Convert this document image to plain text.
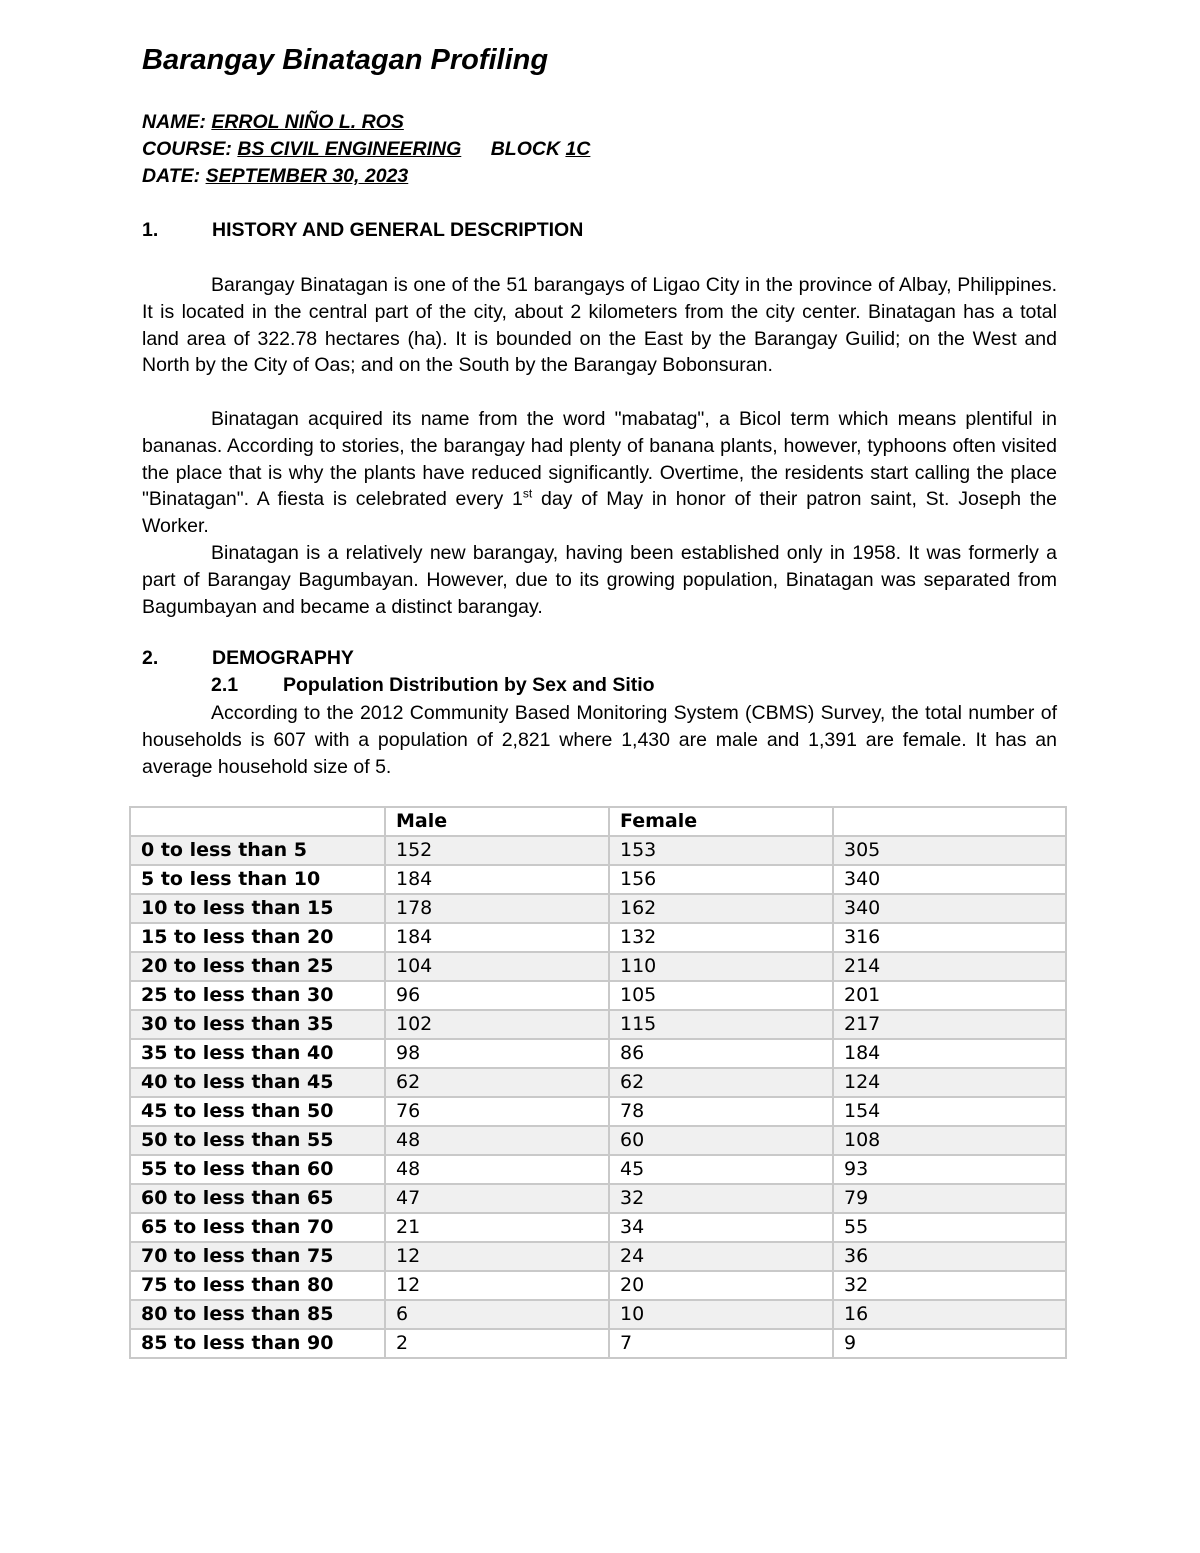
Barangay Binatagan Profiling
NAME: ERROL NIÑO L. ROS
COURSE: BS CIVIL ENGINEERING BLOCK 1C
DATE: SEPTEMBER 30, 2023
1.	HISTORY AND GENERAL DESCRIPTION

Barangay Binatagan is one of the 51 barangays of Ligao City in the province of Albay, Philippines. It is located in the central part of the city, about 2 kilometers from the city center. Binatagan has a total land area of 322.78 hectares (ha). It is bounded on the East by the Barangay Guilid; on the West and North by the City of Oas; and on the South by the Barangay Bobonsuran.

Binatagan acquired its name from the word "mabatag", a Bicol term which means plentiful in bananas. According to stories, the barangay had plenty of banana plants, however, typhoons often visited the place that is why the plants have reduced significantly. Overtime, the residents start calling the place "Binatagan". A fiesta is celebrated every 1st day of May in honor of their patron saint, St. Joseph the Worker.

Binatagan is a relatively new barangay, having been established only in 1958. It was formerly a part of Barangay Bagumbayan. However, due to its growing population, Binatagan was separated from Bagumbayan and became a distinct barangay.

2.	DEMOGRAPHY
2.1 Population Distribution by Sex and Sitio

According to the 2012 Community Based Monitoring System (CBMS) Survey, the total number of households is 607 with a population of 2,821 where 1,430 are male and 1,391 are female. It has an average household size of 5.

	Male	Female	
0 to less than 5	152	153	305
5 to less than 10	184	156	340
10 to less than 15	178	162	340
15 to less than 20	184	132	316
20 to less than 25	104	110	214
25 to less than 30	96	105	201
30 to less than 35	102	115	217
35 to less than 40	98	86	184
40 to less than 45	62	62	124
45 to less than 50	76	78	154
50 to less than 55	48	60	108
55 to less than 60	48	45	93
60 to less than 65	47	32	79
65 to less than 70	21	34	55
70 to less than 75	12	24	36
75 to less than 80	12	20	32
80 to less than 85	6	10	16
85 to less than 90	2	7	9
